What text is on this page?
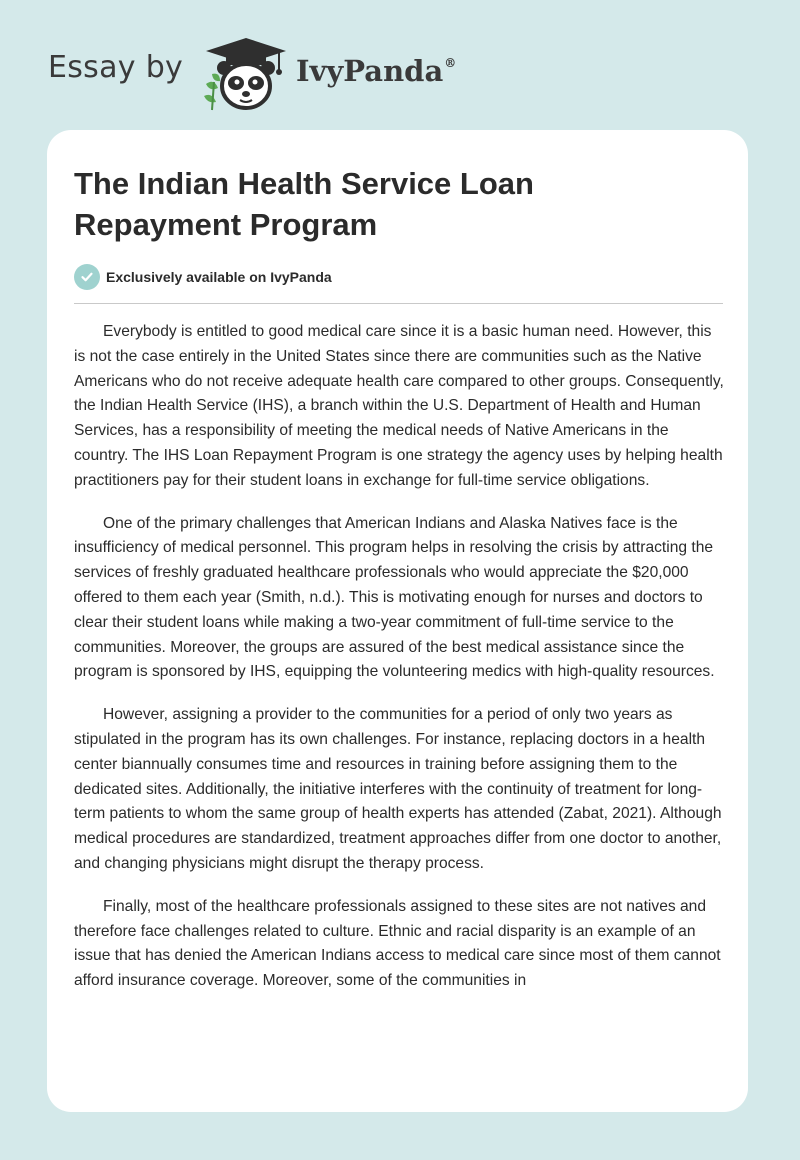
Essay by	IvyPanda®
The Indian Health Service Loan Repayment Program
Exclusively available on IvyPanda

Everybody is entitled to good medical care since it is a basic human need. However, this is not the case entirely in the United States since there are communities such as the Native Americans who do not receive adequate health care compared to other groups. Consequently, the Indian Health Service (IHS), a branch within the U.S. Department of Health and Human Services, has a responsibility of meeting the medical needs of Native Americans in the country. The IHS Loan Repayment Program is one strategy the agency uses by helping health practitioners pay for their student loans in exchange for full-time service obligations.

One of the primary challenges that American Indians and Alaska Natives face is the insufficiency of medical personnel. This program helps in resolving the crisis by attracting the services of freshly graduated healthcare professionals who would appreciate the $20,000 offered to them each year (Smith, n.d.). This is motivating enough for nurses and doctors to clear their student loans while making a two-year commitment of full-time service to the communities. Moreover, the groups are assured of the best medical assistance since the program is sponsored by IHS, equipping the volunteering medics with high-quality resources.

However, assigning a provider to the communities for a period of only two years as stipulated in the program has its own challenges. For instance, replacing doctors in a health center biannually consumes time and resources in training before assigning them to the dedicated sites. Additionally, the initiative interferes with the continuity of treatment for long-term patients to whom the same group of health experts has attended (Zabat, 2021). Although medical procedures are standardized, treatment approaches differ from one doctor to another, and changing physicians might disrupt the therapy process.

Finally, most of the healthcare professionals assigned to these sites are not natives and therefore face challenges related to culture. Ethnic and racial disparity is an example of an issue that has denied the American Indians access to medical care since most of them cannot afford insurance coverage. Moreover, some of the communities in
